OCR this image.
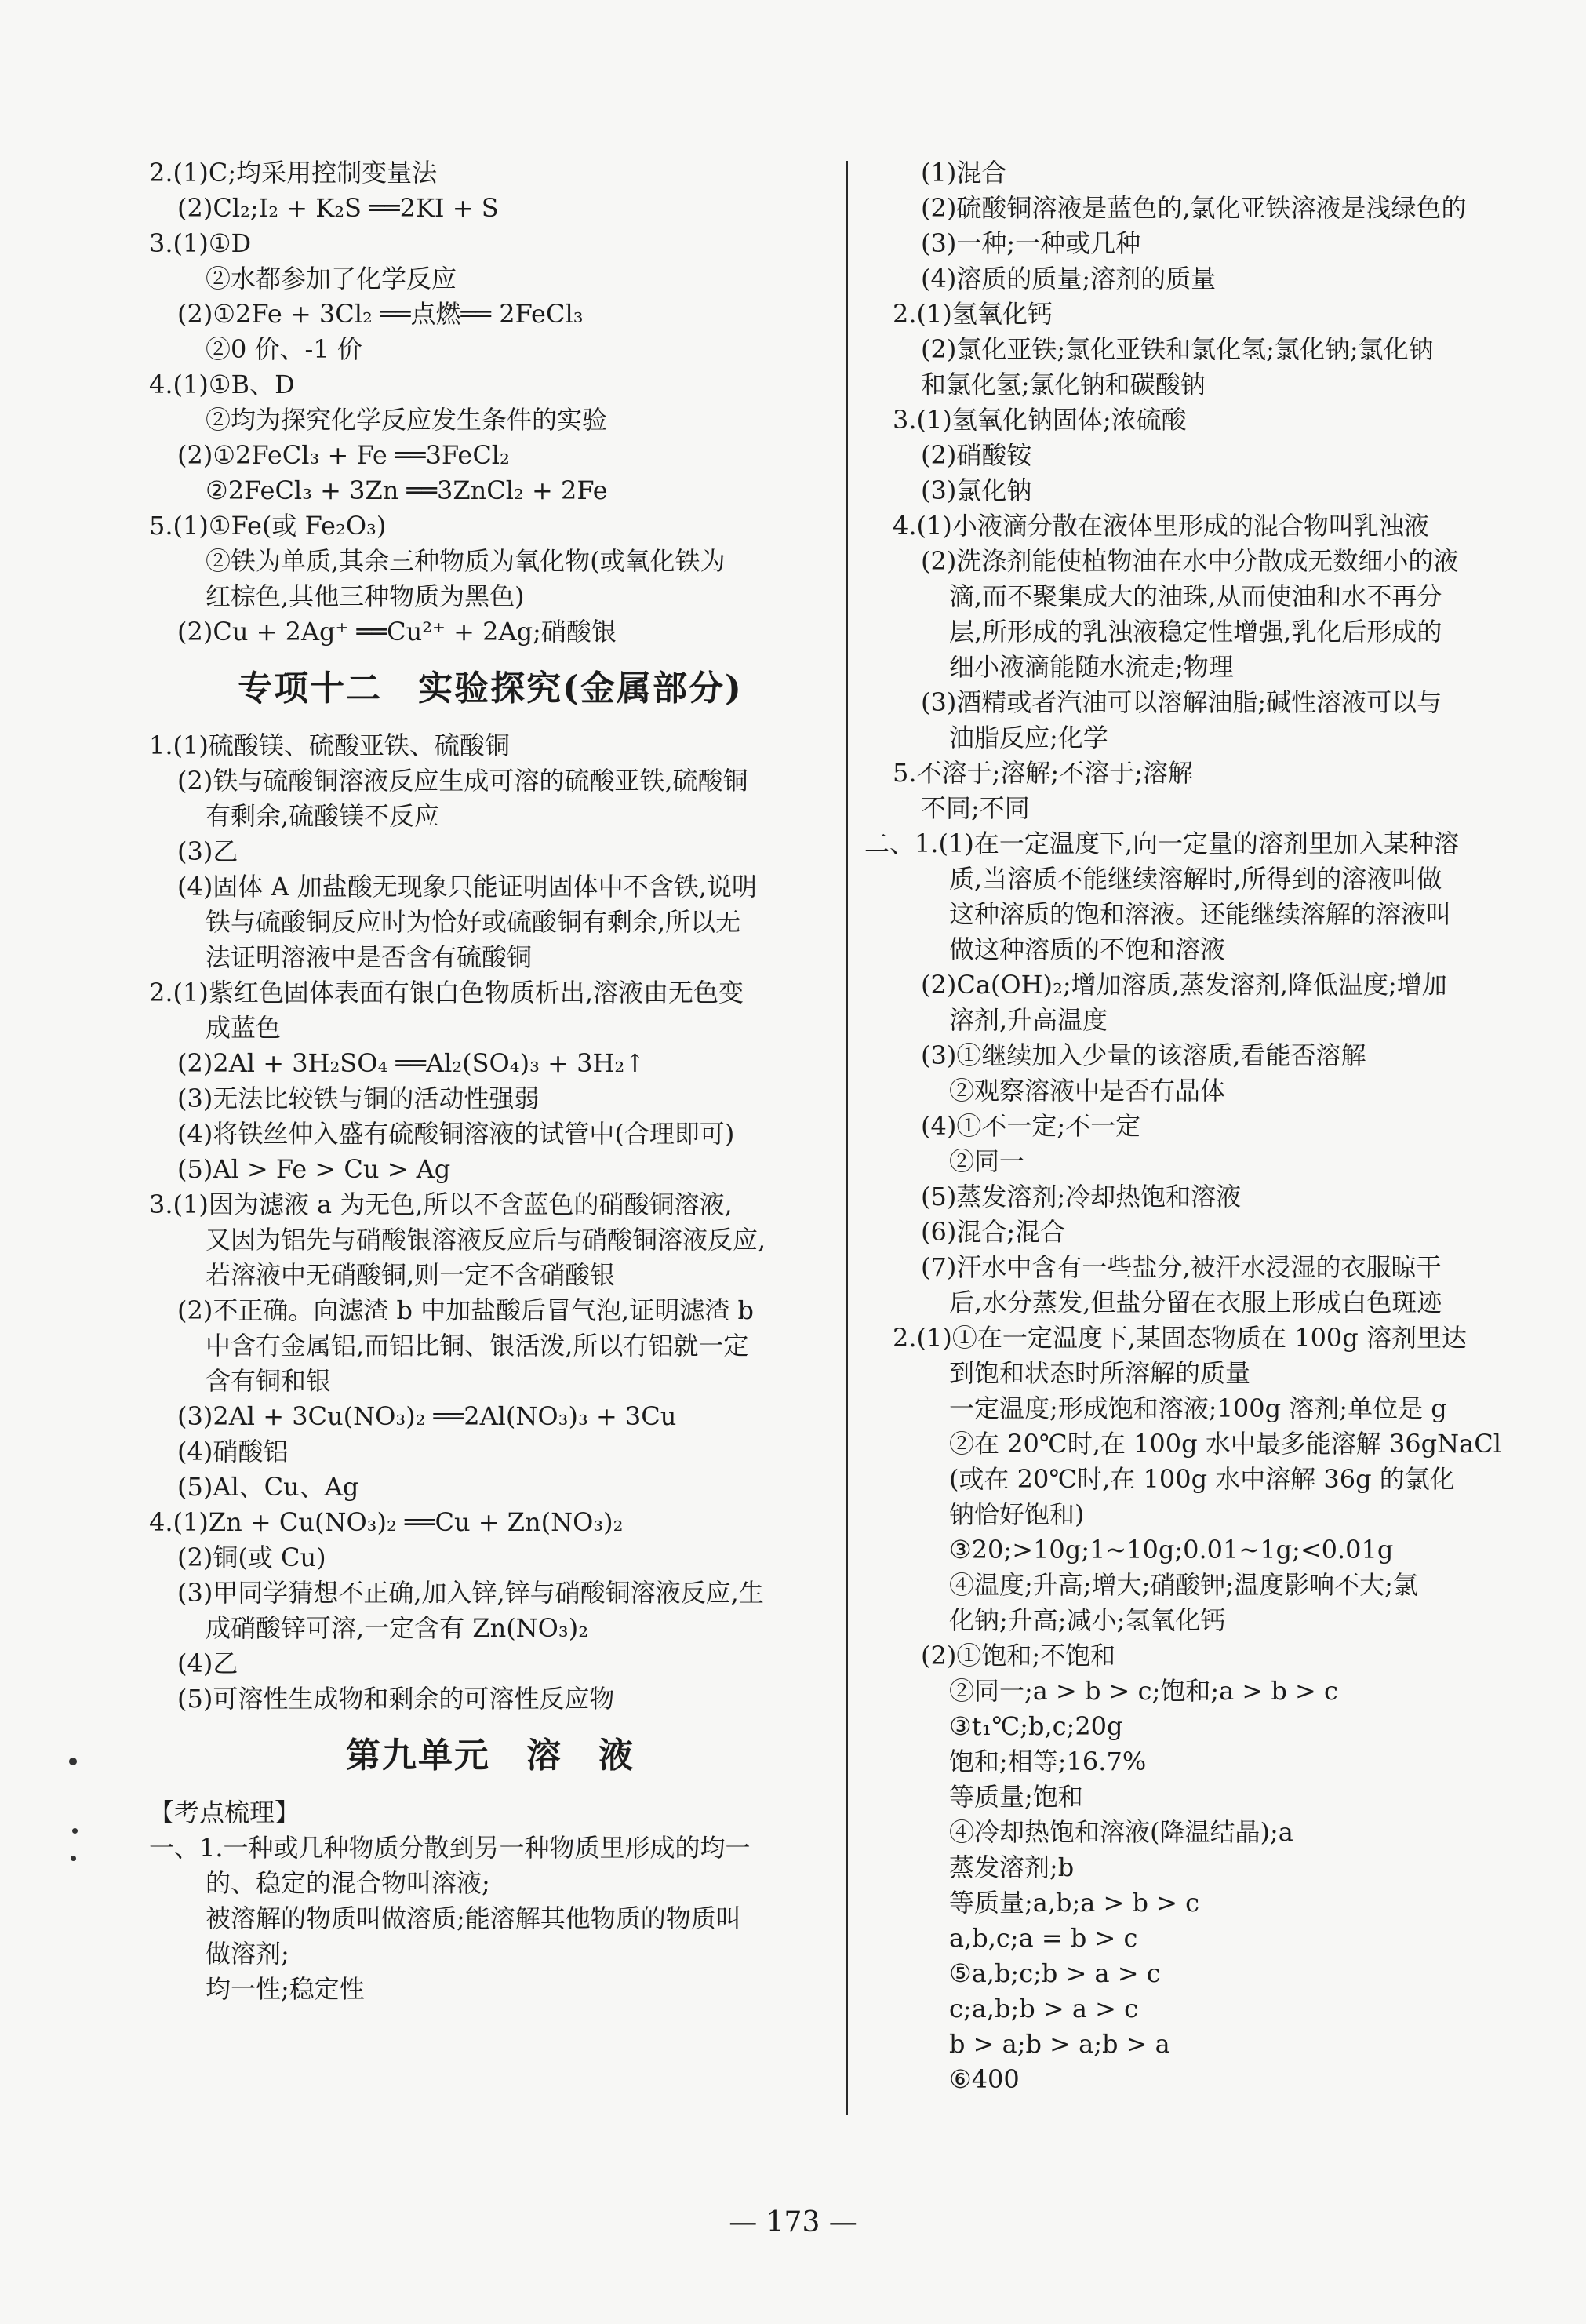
2.(1)C;均采用控制变量法
(2)Cl₂;I₂ + K₂S ══2KI + S
3.(1)①D
②水都参加了化学反应
(2)①2Fe + 3Cl₂ ══点燃══ 2FeCl₃
②0 价、-1 价
4.(1)①B、D
②均为探究化学反应发生条件的实验
(2)①2FeCl₃ + Fe ══3FeCl₂
②2FeCl₃ + 3Zn ══3ZnCl₂ + 2Fe
5.(1)①Fe(或 Fe₂O₃)
②铁为单质,其余三种物质为氧化物(或氧化铁为
红棕色,其他三种物质为黑色)
(2)Cu + 2Ag⁺ ══Cu²⁺ + 2Ag;硝酸银
专项十二　实验探究(金属部分)
1.(1)硫酸镁、硫酸亚铁、硫酸铜
(2)铁与硫酸铜溶液反应生成可溶的硫酸亚铁,硫酸铜
有剩余,硫酸镁不反应
(3)乙
(4)固体 A 加盐酸无现象只能证明固体中不含铁,说明
铁与硫酸铜反应时为恰好或硫酸铜有剩余,所以无
法证明溶液中是否含有硫酸铜
2.(1)紫红色固体表面有银白色物质析出,溶液由无色变
成蓝色
(2)2Al + 3H₂SO₄ ══Al₂(SO₄)₃ + 3H₂↑
(3)无法比较铁与铜的活动性强弱
(4)将铁丝伸入盛有硫酸铜溶液的试管中(合理即可)
(5)Al > Fe > Cu > Ag
3.(1)因为滤液 a 为无色,所以不含蓝色的硝酸铜溶液,
又因为铝先与硝酸银溶液反应后与硝酸铜溶液反应,
若溶液中无硝酸铜,则一定不含硝酸银
(2)不正确。向滤渣 b 中加盐酸后冒气泡,证明滤渣 b
中含有金属铝,而铝比铜、银活泼,所以有铝就一定
含有铜和银
(3)2Al + 3Cu(NO₃)₂ ══2Al(NO₃)₃ + 3Cu
(4)硝酸铝
(5)Al、Cu、Ag
4.(1)Zn + Cu(NO₃)₂ ══Cu + Zn(NO₃)₂
(2)铜(或 Cu)
(3)甲同学猜想不正确,加入锌,锌与硝酸铜溶液反应,生
成硝酸锌可溶,一定含有 Zn(NO₃)₂
(4)乙
(5)可溶性生成物和剩余的可溶性反应物
第九单元　溶　液
【考点梳理】
一、1.一种或几种物质分散到另一种物质里形成的均一
的、稳定的混合物叫溶液;
被溶解的物质叫做溶质;能溶解其他物质的物质叫
做溶剂;
均一性;稳定性
(1)混合
(2)硫酸铜溶液是蓝色的,氯化亚铁溶液是浅绿色的
(3)一种;一种或几种
(4)溶质的质量;溶剂的质量
2.(1)氢氧化钙
(2)氯化亚铁;氯化亚铁和氯化氢;氯化钠;氯化钠
和氯化氢;氯化钠和碳酸钠
3.(1)氢氧化钠固体;浓硫酸
(2)硝酸铵
(3)氯化钠
4.(1)小液滴分散在液体里形成的混合物叫乳浊液
(2)洗涤剂能使植物油在水中分散成无数细小的液
滴,而不聚集成大的油珠,从而使油和水不再分
层,所形成的乳浊液稳定性增强,乳化后形成的
细小液滴能随水流走;物理
(3)酒精或者汽油可以溶解油脂;碱性溶液可以与
油脂反应;化学
5.不溶于;溶解;不溶于;溶解
不同;不同
二、1.(1)在一定温度下,向一定量的溶剂里加入某种溶
质,当溶质不能继续溶解时,所得到的溶液叫做
这种溶质的饱和溶液。还能继续溶解的溶液叫
做这种溶质的不饱和溶液
(2)Ca(OH)₂;增加溶质,蒸发溶剂,降低温度;增加
溶剂,升高温度
(3)①继续加入少量的该溶质,看能否溶解
②观察溶液中是否有晶体
(4)①不一定;不一定
②同一
(5)蒸发溶剂;冷却热饱和溶液
(6)混合;混合
(7)汗水中含有一些盐分,被汗水浸湿的衣服晾干
后,水分蒸发,但盐分留在衣服上形成白色斑迹
2.(1)①在一定温度下,某固态物质在 100g 溶剂里达
到饱和状态时所溶解的质量
一定温度;形成饱和溶液;100g 溶剂;单位是 g
②在 20℃时,在 100g 水中最多能溶解 36gNaCl
(或在 20℃时,在 100g 水中溶解 36g 的氯化
钠恰好饱和)
③20;>10g;1~10g;0.01~1g;<0.01g
④温度;升高;增大;硝酸钾;温度影响不大;氯
化钠;升高;减小;氢氧化钙
(2)①饱和;不饱和
②同一;a > b > c;饱和;a > b > c
③t₁℃;b,c;20g
饱和;相等;16.7%
等质量;饱和
④冷却热饱和溶液(降温结晶);a
蒸发溶剂;b
等质量;a,b;a > b > c
a,b,c;a = b > c
⑤a,b;c;b > a > c
c;a,b;b > a > c
b > a;b > a;b > a
⑥400
— 173 —
